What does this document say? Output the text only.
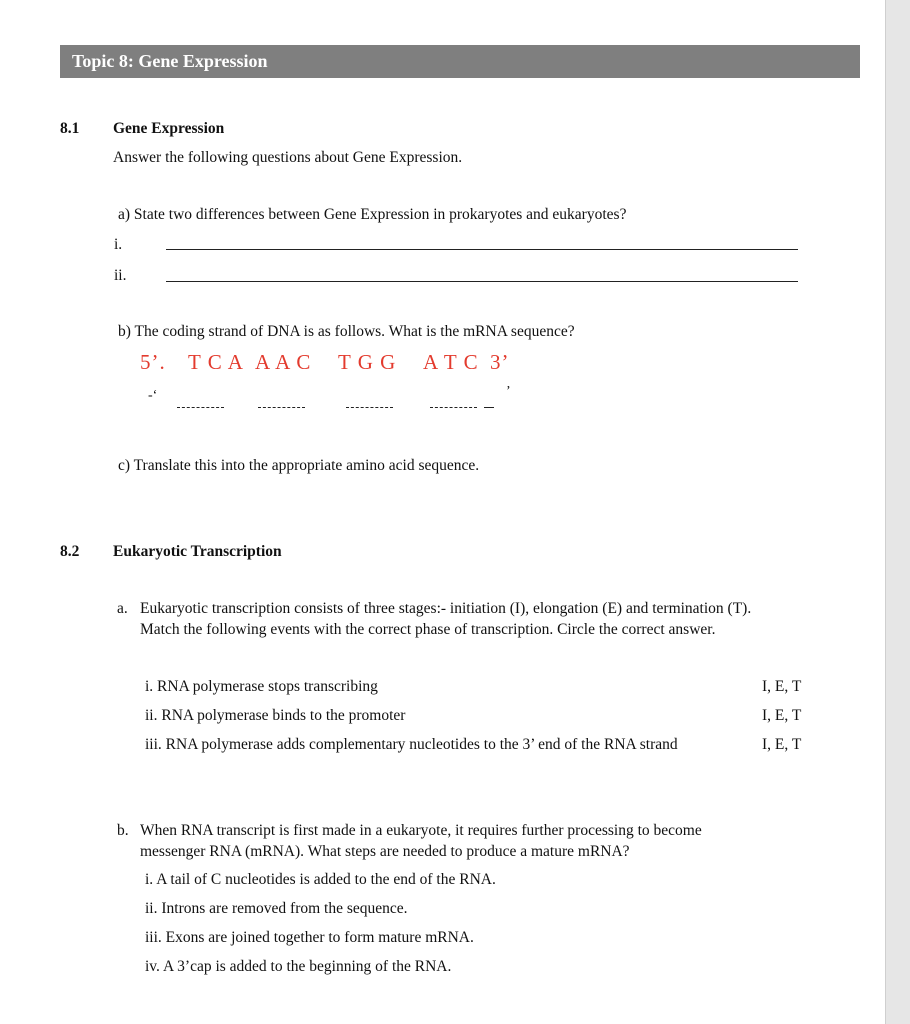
Topic 8: Gene Expression
8.1 Gene Expression
Answer the following questions about Gene Expression.
a) State two differences between Gene Expression in prokaryotes and eukaryotes?
i.
ii.
b) The coding strand of DNA is as follows. What is the mRNA sequence?
5’. T C A A A C T G G A T C 3’
-‘	’
c) Translate this into the appropriate amino acid sequence.
8.2 Eukaryotic Transcription
a. Eukaryotic transcription consists of three stages:- initiation (I), elongation (E) and termination (T).
Match the following events with the correct phase of transcription. Circle the correct answer.
i. RNA polymerase stops transcribing	I, E, T
ii. RNA polymerase binds to the promoter	I, E, T
iii. RNA polymerase adds complementary nucleotides to the 3’ end of the RNA strand	I, E, T
b. When RNA transcript is first made in a eukaryote, it requires further processing to become
messenger RNA (mRNA). What steps are needed to produce a mature mRNA?
i. A tail of C nucleotides is added to the end of the RNA.
ii. Introns are removed from the sequence.
iii. Exons are joined together to form mature mRNA.
iv. A 3’cap is added to the beginning of the RNA.
